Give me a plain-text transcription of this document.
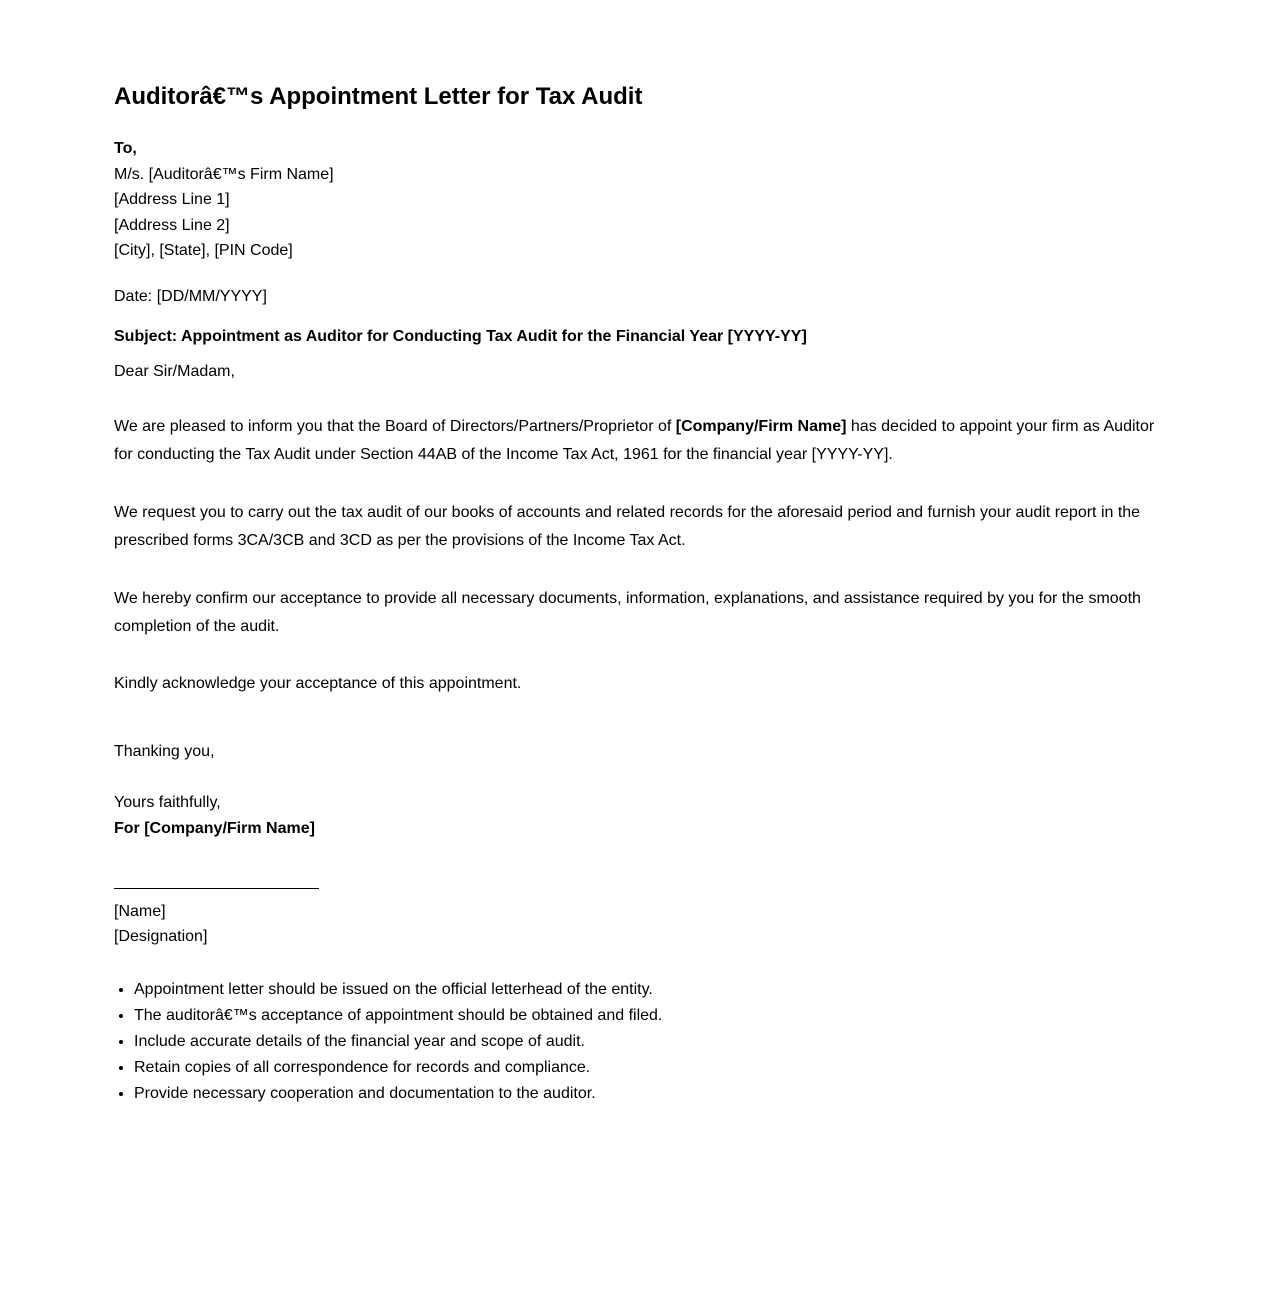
Auditorâ€™s Appointment Letter for Tax Audit
To,
M/s. [Auditorâ€™s Firm Name]
[Address Line 1]
[Address Line 2]
[City], [State], [PIN Code]
Date: [DD/MM/YYYY]
Subject: Appointment as Auditor for Conducting Tax Audit for the Financial Year [YYYY-YY]
Dear Sir/Madam,
We are pleased to inform you that the Board of Directors/Partners/Proprietor of [Company/Firm Name] has decided to appoint your firm as Auditor for conducting the Tax Audit under Section 44AB of the Income Tax Act, 1961 for the financial year [YYYY-YY].
We request you to carry out the tax audit of our books of accounts and related records for the aforesaid period and furnish your audit report in the prescribed forms 3CA/3CB and 3CD as per the provisions of the Income Tax Act.
We hereby confirm our acceptance to provide all necessary documents, information, explanations, and assistance required by you for the smooth completion of the audit.
Kindly acknowledge your acceptance of this appointment.
Thanking you,
Yours faithfully,
For [Company/Firm Name]
[Name]
[Designation]
• Appointment letter should be issued on the official letterhead of the entity.
• The auditorâ€™s acceptance of appointment should be obtained and filed.
• Include accurate details of the financial year and scope of audit.
• Retain copies of all correspondence for records and compliance.
• Provide necessary cooperation and documentation to the auditor.
